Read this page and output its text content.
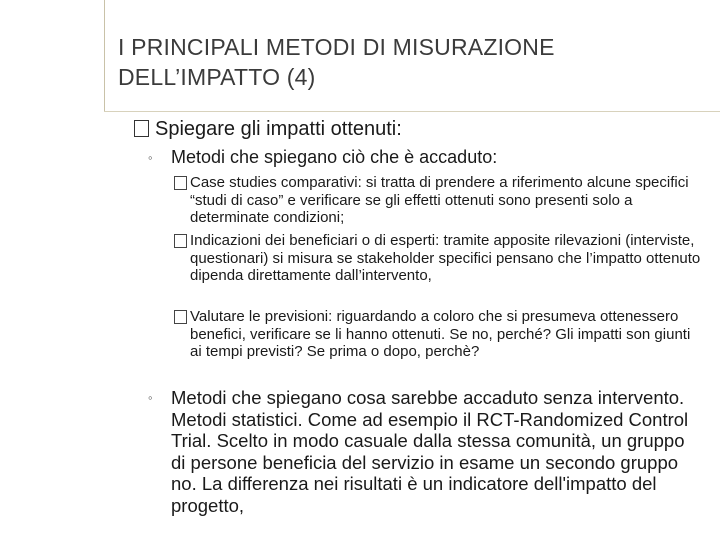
I PRINCIPALI METODI DI MISURAZIONE
DELL’IMPATTO (4)
Spiegare gli impatti ottenuti:
◦ Metodi che spiegano ciò che è accaduto:
Case studies comparativi: si tratta di prendere a riferimento alcune specifici “studi di caso” e verificare se gli effetti ottenuti sono presenti solo a determinate condizioni;
Indicazioni dei beneficiari o di esperti: tramite apposite rilevazioni (interviste, questionari) si misura se stakeholder specifici pensano che l’impatto ottenuto dipenda direttamente dall’intervento,
Valutare le previsioni: riguardando a coloro che si presumeva ottenessero benefici, verificare se li hanno ottenuti. Se no, perché? Gli impatti son giunti ai tempi previsti? Se prima o dopo, perchè?
◦ Metodi che spiegano cosa sarebbe accaduto senza intervento. Metodi statistici. Come ad esempio il RCT-Randomized Control Trial. Scelto in modo casuale dalla stessa comunità, un gruppo di persone beneficia del servizio in esame un secondo gruppo no. La differenza nei risultati è un indicatore dell'impatto del progetto,
